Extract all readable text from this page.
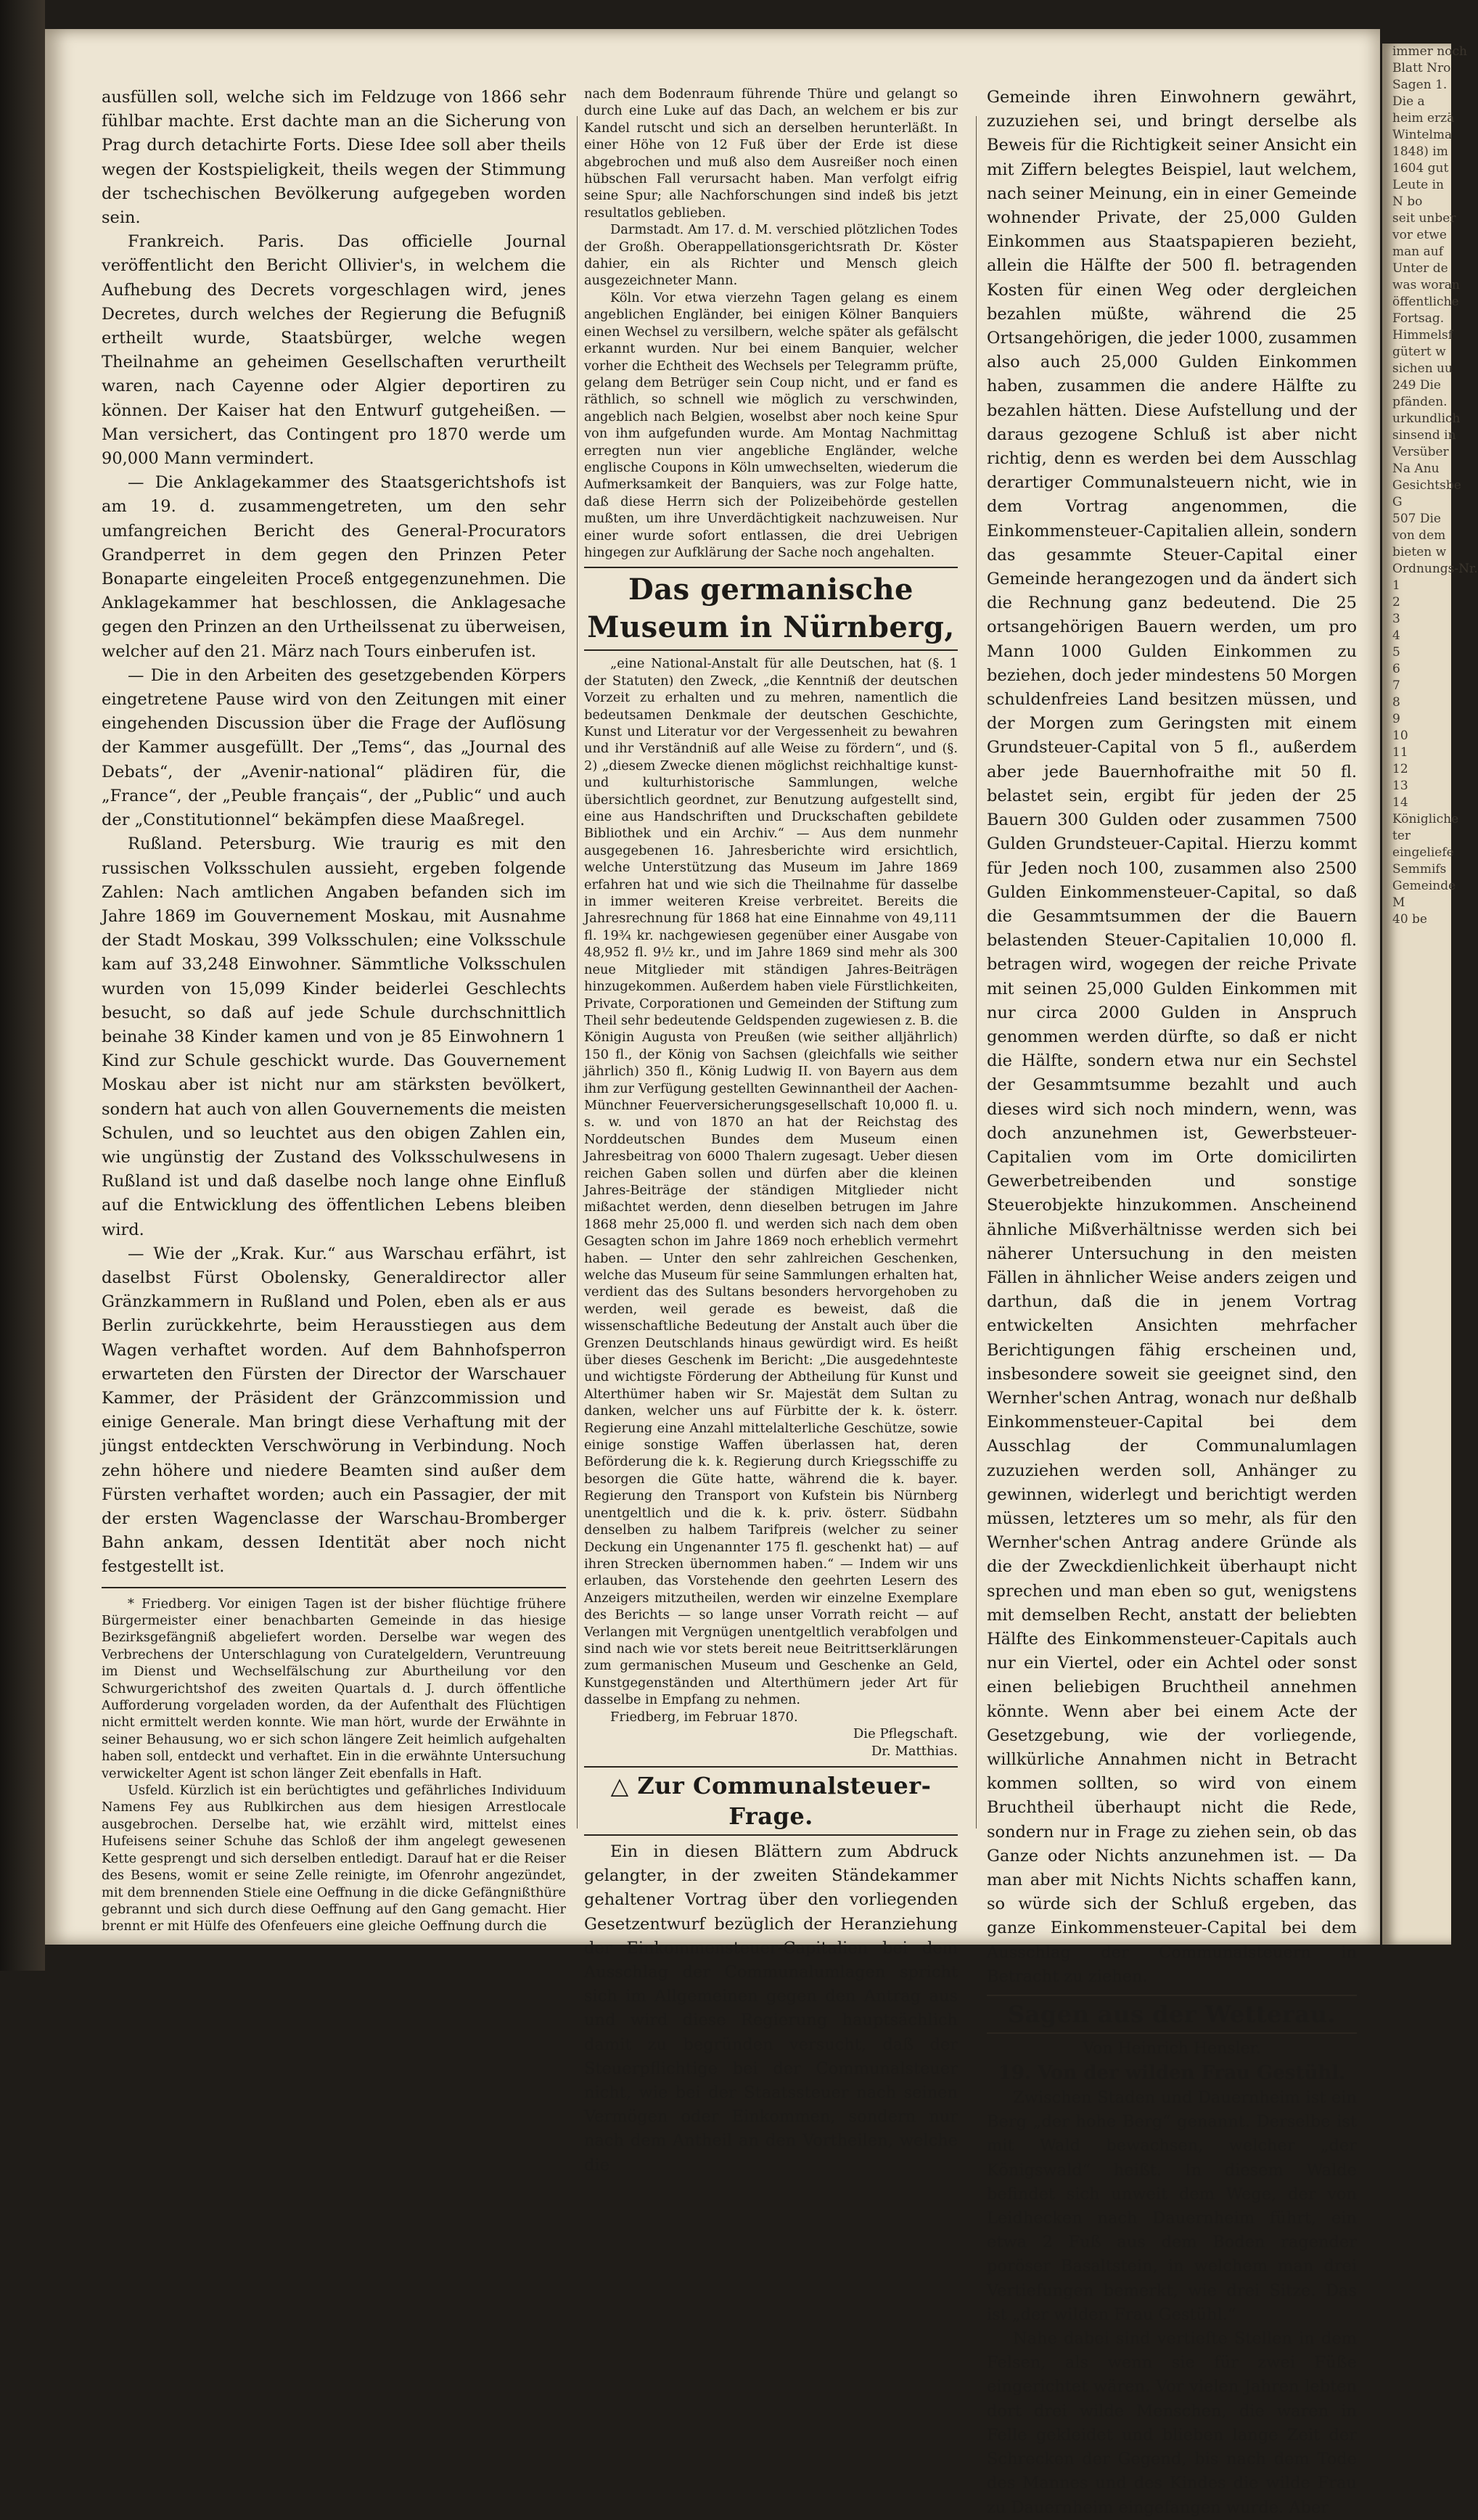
ausfüllen soll, welche sich im Feldzuge von 1866 sehr fühlbar machte. Erst dachte man an die Sicherung von Prag durch detachirte Forts. Diese Idee soll aber theils wegen der Kostspieligkeit, theils wegen der Stimmung der tschechischen Bevölkerung aufgegeben worden sein.

Frankreich. Paris. Das officielle Journal veröffentlicht den Bericht Ollivier's, in welchem die Aufhebung des Decrets vorgeschlagen wird, jenes Decretes, durch welches der Regierung die Befugniß ertheilt wurde, Staatsbürger, welche wegen Theilnahme an geheimen Gesellschaften verurtheilt waren, nach Cayenne oder Algier deportiren zu können. Der Kaiser hat den Entwurf gutgeheißen. — Man versichert, das Contingent pro 1870 werde um 90,000 Mann vermindert.

— Die Anklagekammer des Staatsgerichtshofs ist am 19. d. zusammengetreten, um den sehr umfangreichen Bericht des General-Procurators Grandperret in dem gegen den Prinzen Peter Bonaparte eingeleiten Proceß entgegenzunehmen. Die Anklagekammer hat beschlossen, die Anklagesache gegen den Prinzen an den Urtheilssenat zu überweisen, welcher auf den 21. März nach Tours einberufen ist.

— Die in den Arbeiten des gesetzgebenden Körpers eingetretene Pause wird von den Zeitungen mit einer eingehenden Discussion über die Frage der Auflösung der Kammer ausgefüllt. Der „Tems“, das „Journal des Debats“, der „Avenir-national“ plädiren für, die „France“, der „Peuble français“, der „Public“ und auch der „Constitutionnel“ bekämpfen diese Maaßregel.

Rußland. Petersburg. Wie traurig es mit den russischen Volksschulen aussieht, ergeben folgende Zahlen: Nach amtlichen Angaben befanden sich im Jahre 1869 im Gouvernement Moskau, mit Ausnahme der Stadt Moskau, 399 Volksschulen; eine Volksschule kam auf 33,248 Einwohner. Sämmtliche Volksschulen wurden von 15,099 Kinder beiderlei Geschlechts besucht, so daß auf jede Schule durchschnittlich beinahe 38 Kinder kamen und von je 85 Einwohnern 1 Kind zur Schule geschickt wurde. Das Gouvernement Moskau aber ist nicht nur am stärksten bevölkert, sondern hat auch von allen Gouvernements die meisten Schulen, und so leuchtet aus den obigen Zahlen ein, wie ungünstig der Zustand des Volksschulwesens in Rußland ist und daß daselbe noch lange ohne Einfluß auf die Entwicklung des öffentlichen Lebens bleiben wird.

— Wie der „Krak. Kur.“ aus Warschau erfährt, ist daselbst Fürst Obolensky, Generaldirector aller Gränzkammern in Rußland und Polen, eben als er aus Berlin zurückkehrte, beim Herausstiegen aus dem Wagen verhaftet worden. Auf dem Bahnhofsperron erwarteten den Fürsten der Director der Warschauer Kammer, der Präsident der Gränzcommission und einige Generale. Man bringt diese Verhaftung mit der jüngst entdeckten Verschwörung in Verbindung. Noch zehn höhere und niedere Beamten sind außer dem Fürsten verhaftet worden; auch ein Passagier, der mit der ersten Wagenclasse der Warschau-Bromberger Bahn ankam, dessen Identität aber noch nicht festgestellt ist.

* Friedberg. Vor einigen Tagen ist der bisher flüchtige frühere Bürgermeister einer benachbarten Gemeinde in das hiesige Bezirksgefängniß abgeliefert worden. Derselbe war wegen des Verbrechens der Unterschlagung von Curatelgeldern, Veruntreuung im Dienst und Wechselfälschung zur Aburtheilung vor den Schwurgerichtshof des zweiten Quartals d. J. durch öffentliche Aufforderung vorgeladen worden, da der Aufenthalt des Flüchtigen nicht ermittelt werden konnte. Wie man hört, wurde der Erwähnte in seiner Behausung, wo er sich schon längere Zeit heimlich aufgehalten haben soll, entdeckt und verhaftet. Ein in die erwähnte Untersuchung verwickelter Agent ist schon länger Zeit ebenfalls in Haft.

Usfeld. Kürzlich ist ein berüchtigtes und gefährliches Individuum Namens Fey aus Rublkirchen aus dem hiesigen Arrestlocale ausgebrochen. Derselbe hat, wie erzählt wird, mittelst eines Hufeisens seiner Schuhe das Schloß der ihm angelegt gewesenen Kette gesprengt und sich derselben entledigt. Darauf hat er die Reiser des Besens, womit er seine Zelle reinigte, im Ofenrohr angezündet, mit dem brennenden Stiele eine Oeffnung in die dicke Gefängnißthüre gebrannt und sich durch diese Oeffnung auf den Gang gemacht. Hier brennt er mit Hülfe des Ofenfeuers eine gleiche Oeffnung durch die

nach dem Bodenraum führende Thüre und gelangt so durch eine Luke auf das Dach, an welchem er bis zur Kandel rutscht und sich an derselben herunterläßt. In einer Höhe von 12 Fuß über der Erde ist diese abgebrochen und muß also dem Ausreißer noch einen hübschen Fall verursacht haben. Man verfolgt eifrig seine Spur; alle Nachforschungen sind indeß bis jetzt resultatlos geblieben.

Darmstadt. Am 17. d. M. verschied plötzlichen Todes der Großh. Oberappellationsgerichtsrath Dr. Köster dahier, ein als Richter und Mensch gleich ausgezeichneter Mann.

Köln. Vor etwa vierzehn Tagen gelang es einem angeblichen Engländer, bei einigen Kölner Banquiers einen Wechsel zu versilbern, welche später als gefälscht erkannt wurden. Nur bei einem Banquier, welcher vorher die Echtheit des Wechsels per Telegramm prüfte, gelang dem Betrüger sein Coup nicht, und er fand es räthlich, so schnell wie möglich zu verschwinden, angeblich nach Belgien, woselbst aber noch keine Spur von ihm aufgefunden wurde. Am Montag Nachmittag erregten nun vier angebliche Engländer, welche englische Coupons in Köln umwechselten, wiederum die Aufmerksamkeit der Banquiers, was zur Folge hatte, daß diese Herrn sich der Polizeibehörde gestellen mußten, um ihre Unverdächtigkeit nachzuweisen. Nur einer wurde sofort entlassen, die drei Uebrigen hingegen zur Aufklärung der Sache noch angehalten.

Das germanische Museum in Nürnberg,

„eine National-Anstalt für alle Deutschen, hat (§. 1 der Statuten) den Zweck, „die Kenntniß der deutschen Vorzeit zu erhalten und zu mehren, namentlich die bedeutsamen Denkmale der deutschen Geschichte, Kunst und Literatur vor der Vergessenheit zu bewahren und ihr Verständniß auf alle Weise zu fördern“, und (§. 2) „diesem Zwecke dienen möglichst reichhaltige kunst- und kulturhistorische Sammlungen, welche übersichtlich geordnet, zur Benutzung aufgestellt sind, eine aus Handschriften und Druckschaften gebildete Bibliothek und ein Archiv.“ — Aus dem nunmehr ausgegebenen 16. Jahresberichte wird ersichtlich, welche Unterstützung das Museum im Jahre 1869 erfahren hat und wie sich die Theilnahme für dasselbe in immer weiteren Kreise verbreitet. Bereits die Jahresrechnung für 1868 hat eine Einnahme von 49,111 fl. 19¾ kr. nachgewiesen gegenüber einer Ausgabe von 48,952 fl. 9½ kr., und im Jahre 1869 sind mehr als 300 neue Mitglieder mit ständigen Jahres-Beiträgen hinzugekommen. Außerdem haben viele Fürstlichkeiten, Private, Corporationen und Gemeinden der Stiftung zum Theil sehr bedeutende Geldspenden zugewiesen z. B. die Königin Augusta von Preußen (wie seither alljährlich) 150 fl., der König von Sachsen (gleichfalls wie seither jährlich) 350 fl., König Ludwig II. von Bayern aus dem ihm zur Verfügung gestellten Gewinnantheil der Aachen-Münchner Feuerversicherungsgesellschaft 10,000 fl. u. s. w. und von 1870 an hat der Reichstag des Norddeutschen Bundes dem Museum einen Jahresbeitrag von 6000 Thalern zugesagt. Ueber diesen reichen Gaben sollen und dürfen aber die kleinen Jahres-Beiträge der ständigen Mitglieder nicht mißachtet werden, denn dieselben betrugen im Jahre 1868 mehr 25,000 fl. und werden sich nach dem oben Gesagten schon im Jahre 1869 noch erheblich vermehrt haben. — Unter den sehr zahlreichen Geschenken, welche das Museum für seine Sammlungen erhalten hat, verdient das des Sultans besonders hervorgehoben zu werden, weil gerade es beweist, daß die wissenschaftliche Bedeutung der Anstalt auch über die Grenzen Deutschlands hinaus gewürdigt wird. Es heißt über dieses Geschenk im Bericht: „Die ausgedehnteste und wichtigste Förderung der Abtheilung für Kunst und Alterthümer haben wir Sr. Majestät dem Sultan zu danken, welcher uns auf Fürbitte der k. k. österr. Regierung eine Anzahl mittelalterliche Geschütze, sowie einige sonstige Waffen überlassen hat, deren Beförderung die k. k. Regierung durch Kriegsschiffe zu besorgen die Güte hatte, während die k. bayer. Regierung den Transport von Kufstein bis Nürnberg unentgeltlich und die k. k. priv. österr. Südbahn denselben zu halbem Tarifpreis (welcher zu seiner Deckung ein Ungenannter 175 fl. geschenkt hat) — auf ihren Strecken übernommen haben.“ — Indem wir uns erlauben, das Vorstehende den geehrten Lesern des Anzeigers mitzutheilen, werden wir einzelne Exemplare des Berichts — so lange unser Vorrath reicht — auf Verlangen mit Vergnügen unentgeltlich verabfolgen und sind nach wie vor stets bereit neue Beitrittserklärungen zum germanischen Museum und Geschenke an Geld, Kunstgegenständen und Alterthümern jeder Art für dasselbe in Empfang zu nehmen.

Friedberg, im Februar 1870.

Die Pflegschaft.

Dr. Matthias.

△ Zur Communalsteuer-Frage.

Ein in diesen Blättern zum Abdruck gelangter, in der zweiten Ständekammer gehaltener Vortrag über den vorliegenden Gesetzentwurf bezüglich der Heranziehung der Einkommensteuer-Capitalien bei dem Ausschlag der Communalumlagen spricht sich im Allgemeinen gegen den Antrag aus und wird diese Regierung hauptsächlich damit zu begründen versucht, daß der Steuerpflichtige bei der Communalsteuer nicht, wie bei der Staatssteuer nach seinen Vermögen oder Einkommen, sondern nur nach dem Antheil an den Vortheilen, welche die

Gemeinde ihren Einwohnern gewährt, zuzuziehen sei, und bringt derselbe als Beweis für die Richtigkeit seiner Ansicht ein mit Ziffern belegtes Beispiel, laut welchem, nach seiner Meinung, ein in einer Gemeinde wohnender Private, der 25,000 Gulden Einkommen aus Staatspapieren bezieht, allein die Hälfte der 500 fl. betragenden Kosten für einen Weg oder dergleichen bezahlen müßte, während die 25 Ortsangehörigen, die jeder 1000, zusammen also auch 25,000 Gulden Einkommen haben, zusammen die andere Hälfte zu bezahlen hätten. Diese Aufstellung und der daraus gezogene Schluß ist aber nicht richtig, denn es werden bei dem Ausschlag derartiger Communalsteuern nicht, wie in dem Vortrag angenommen, die Einkommensteuer-Capitalien allein, sondern das gesammte Steuer-Capital einer Gemeinde herangezogen und da ändert sich die Rechnung ganz bedeutend. Die 25 ortsangehörigen Bauern werden, um pro Mann 1000 Gulden Einkommen zu beziehen, doch jeder mindestens 50 Morgen schuldenfreies Land besitzen müssen, und der Morgen zum Geringsten mit einem Grundsteuer-Capital von 5 fl., außerdem aber jede Bauernhofraithe mit 50 fl. belastet sein, ergibt für jeden der 25 Bauern 300 Gulden oder zusammen 7500 Gulden Grundsteuer-Capital. Hierzu kommt für Jeden noch 100, zusammen also 2500 Gulden Einkommensteuer-Capital, so daß die Gesammtsummen der die Bauern belastenden Steuer-Capitalien 10,000 fl. betragen wird, wogegen der reiche Private mit seinen 25,000 Gulden Einkommen mit nur circa 2000 Gulden in Anspruch genommen werden dürfte, so daß er nicht die Hälfte, sondern etwa nur ein Sechstel der Gesammtsumme bezahlt und auch dieses wird sich noch mindern, wenn, was doch anzunehmen ist, Gewerbsteuer-Capitalien vom im Orte domicilirten Gewerbetreibenden und sonstige Steuerobjekte hinzukommen. Anscheinend ähnliche Mißverhältnisse werden sich bei näherer Untersuchung in den meisten Fällen in ähnlicher Weise anders zeigen und darthun, daß die in jenem Vortrag entwickelten Ansichten mehrfacher Berichtigungen fähig erscheinen und, insbesondere soweit sie geeignet sind, den Wernher'schen Antrag, wonach nur deßhalb Einkommensteuer-Capital bei dem Ausschlag der Communalumlagen zuzuziehen werden soll, Anhänger zu gewinnen, widerlegt und berichtigt werden müssen, letzteres um so mehr, als für den Wernher'schen Antrag andere Gründe als die der Zweckdienlichkeit überhaupt nicht sprechen und man eben so gut, wenigstens mit demselben Recht, anstatt der beliebten Hälfte des Einkommensteuer-Capitals auch nur ein Viertel, oder ein Achtel oder sonst einen beliebigen Bruchtheil annehmen könnte. Wenn aber bei einem Acte der Gesetzgebung, wie der vorliegende, willkürliche Annahmen nicht in Betracht kommen sollten, so wird von einem Bruchtheil überhaupt nicht die Rede, sondern nur in Frage zu ziehen sein, ob das Ganze oder Nichts anzunehmen ist. — Da man aber mit Nichts Nichts schaffen kann, so würde sich der Schluß ergeben, das ganze Einkommensteuer-Capital bei dem Ausschlag der Communalsteuern in Betracht zu ziehen.

Sagen aus der Wetterau.

Von Heinrich Hensler.

19. Von der wilden Frau Gestühl.

Zwischen Staden und Dauernheim ist ein Berg „der hohe Berg“ genannt. Derselbe ist mit Wald bewachsen, welcher „der Königswald“ heißt. In diesem Walde befindet sich unweit dem Wege, der von Leidhecken nach Dauernheim führt, ein etwa 2 Fuß aus dem Boden ragender poröser Basaltstein, in welchem man drei Vertiefungen bemerkt, wie drei Sitze. Das ist „der wilden Frau Gestühl.“

Nahe dabei sind vertiefte Stellen in dem Felsen, als wenn sie für zwei Füße eingerichtet wären. Vor vielen Jahren lebten dort drei wilde Menschen, die waren in Felle gekleidet und blieben lange Zeit der Schrecken der Gegend, bis nach dem Tode des Mannes und des Kindes die wilde Frau zu Dauernheim eingefangen wurde. Aber

immer noch
Blatt Nro
Sagen 1.
Die a
heim erzä
Wintelma
1848) im
1604 gut
Leute in
N bo
seit unber
vor etwe
man auf
Unter de
was woran
öffentliche
Fortsag.
Himmelsf
gütert w
sichen uu
249 Die
pfänden.
urkundlich
sinsend in
Versüber
Na Anu
Gesichtsbe
G
507 Die
von dem
bieten w
Ordnungs-Nr.
1
2
3
4
5
6
7
8
9
10
11
12
13
14
Königliche
ter
eingeliefe
Semmifs
Gemeinde
M
40 be
